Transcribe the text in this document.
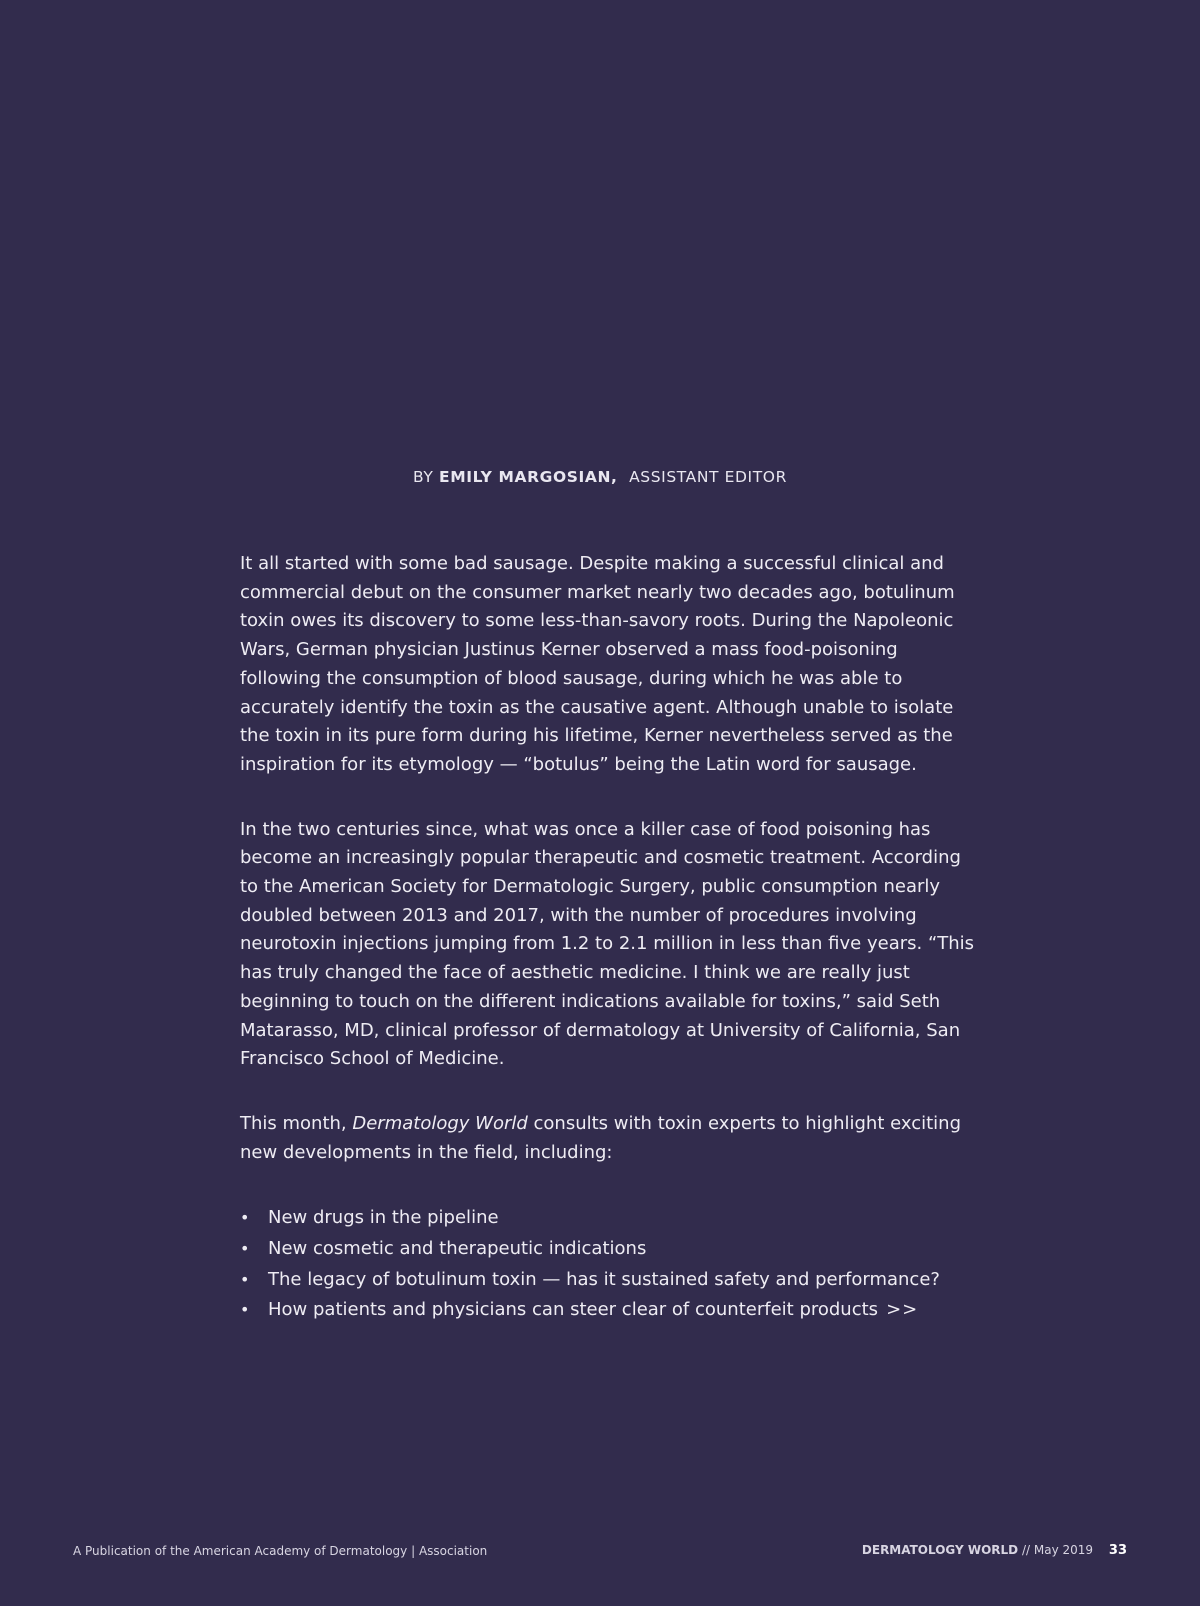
BY EMILY MARGOSIAN, ASSISTANT EDITOR

It all started with some bad sausage. Despite making a successful clinical and commercial debut on the consumer market nearly two decades ago, botulinum toxin owes its discovery to some less-than-savory roots. During the Napoleonic Wars, German physician Justinus Kerner observed a mass food-poisoning following the consumption of blood sausage, during which he was able to accurately identify the toxin as the causative agent. Although unable to isolate the toxin in its pure form during his lifetime, Kerner nevertheless served as the inspiration for its etymology — “botulus” being the Latin word for sausage.

In the two centuries since, what was once a killer case of food poisoning has become an increasingly popular therapeutic and cosmetic treatment. According to the American Society for Dermatologic Surgery, public consumption nearly doubled between 2013 and 2017, with the number of procedures involving neurotoxin injections jumping from 1.2 to 2.1 million in less than five years. “This has truly changed the face of aesthetic medicine. I think we are really just beginning to touch on the different indications available for toxins,” said Seth Matarasso, MD, clinical professor of dermatology at University of California, San Francisco School of Medicine.

This month, Dermatology World consults with toxin experts to highlight exciting new developments in the field, including:

• New drugs in the pipeline
• New cosmetic and therapeutic indications
• The legacy of botulinum toxin — has it sustained safety and performance?
• How patients and physicians can steer clear of counterfeit products >>
A Publication of the American Academy of Dermatology | Association	DERMATOLOGY WORLD // May 2019 33
